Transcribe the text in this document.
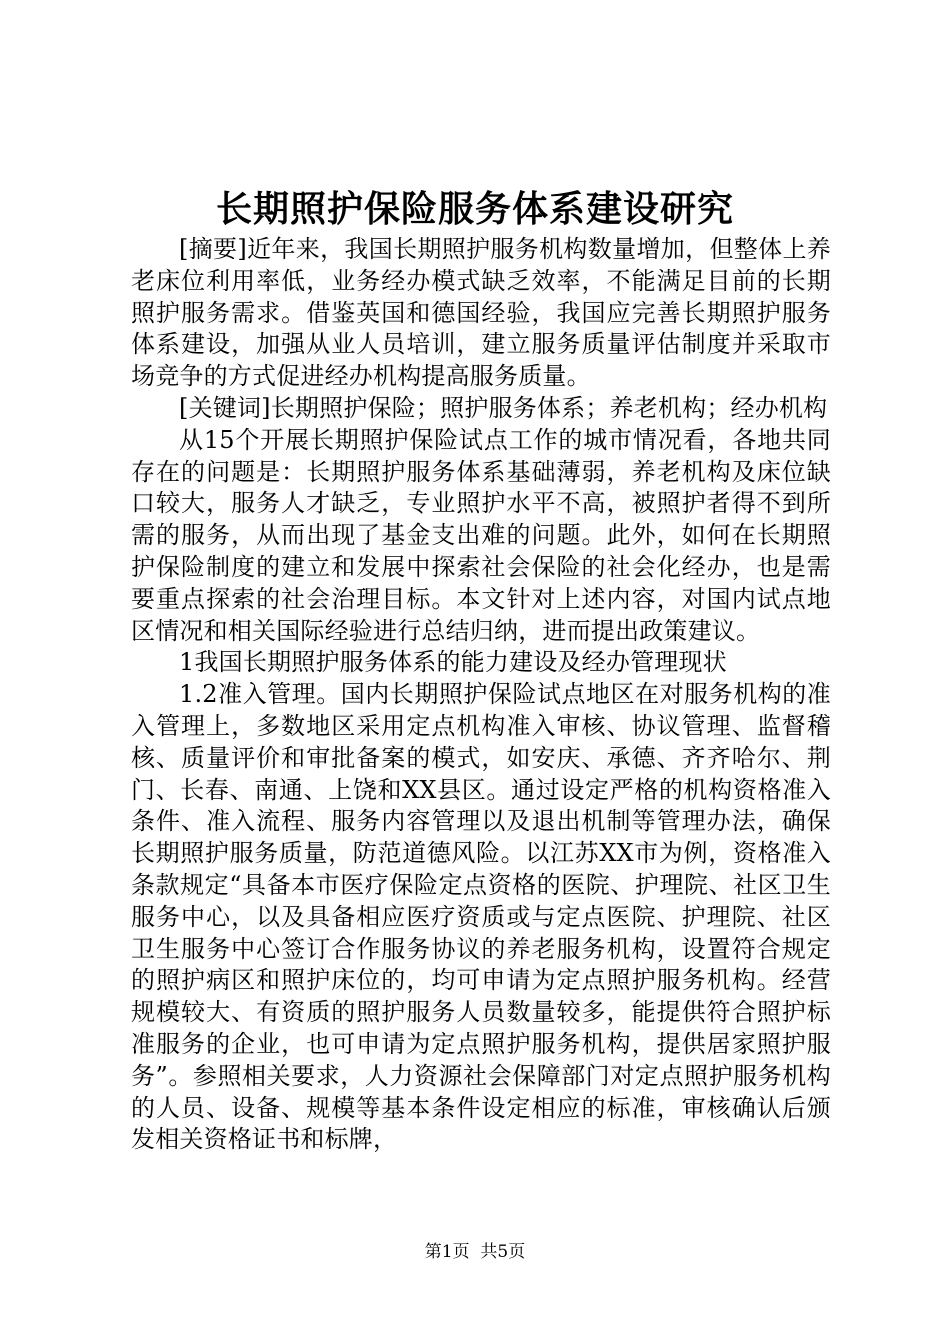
长期照护保险服务体系建设研究

[摘要]近年来，我国长期照护服务机构数量增加，但整体上养老床位利用率低，业务经办模式缺乏效率，不能满足目前的长期照护服务需求。借鉴英国和德国经验，我国应完善长期照护服务体系建设，加强从业人员培训，建立服务质量评估制度并采取市场竞争的方式促进经办机构提高服务质量。

[关键词]长期照护保险；照护服务体系；养老机构；经办机构

从15个开展长期照护保险试点工作的城市情况看，各地共同存在的问题是：长期照护服务体系基础薄弱，养老机构及床位缺口较大，服务人才缺乏，专业照护水平不高，被照护者得不到所需的服务，从而出现了基金支出难的问题。此外，如何在长期照护保险制度的建立和发展中探索社会保险的社会化经办，也是需要重点探索的社会治理目标。本文针对上述内容，对国内试点地区情况和相关国际经验进行总结归纳，进而提出政策建议。

1我国长期照护服务体系的能力建设及经办管理现状

1.2准入管理。国内长期照护保险试点地区在对服务机构的准入管理上，多数地区采用定点机构准入审核、协议管理、监督稽核、质量评价和审批备案的模式，如安庆、承德、齐齐哈尔、荆门、长春、南通、上饶和XX县区。通过设定严格的机构资格准入条件、准入流程、服务内容管理以及退出机制等管理办法，确保长期照护服务质量，防范道德风险。以江苏XX市为例，资格准入条款规定“具备本市医疗保险定点资格的医院、护理院、社区卫生服务中心，以及具备相应医疗资质或与定点医院、护理院、社区卫生服务中心签订合作服务协议的养老服务机构，设置符合规定的照护病区和照护床位的，均可申请为定点照护服务机构。经营规模较大、有资质的照护服务人员数量较多，能提供符合照护标准服务的企业，也可申请为定点照护服务机构，提供居家照护服务”。参照相关要求，人力资源社会保障部门对定点照护服务机构的人员、设备、规模等基本条件设定相应的标准，审核确认后颁发相关资格证书和标牌，

第1页 共5页
